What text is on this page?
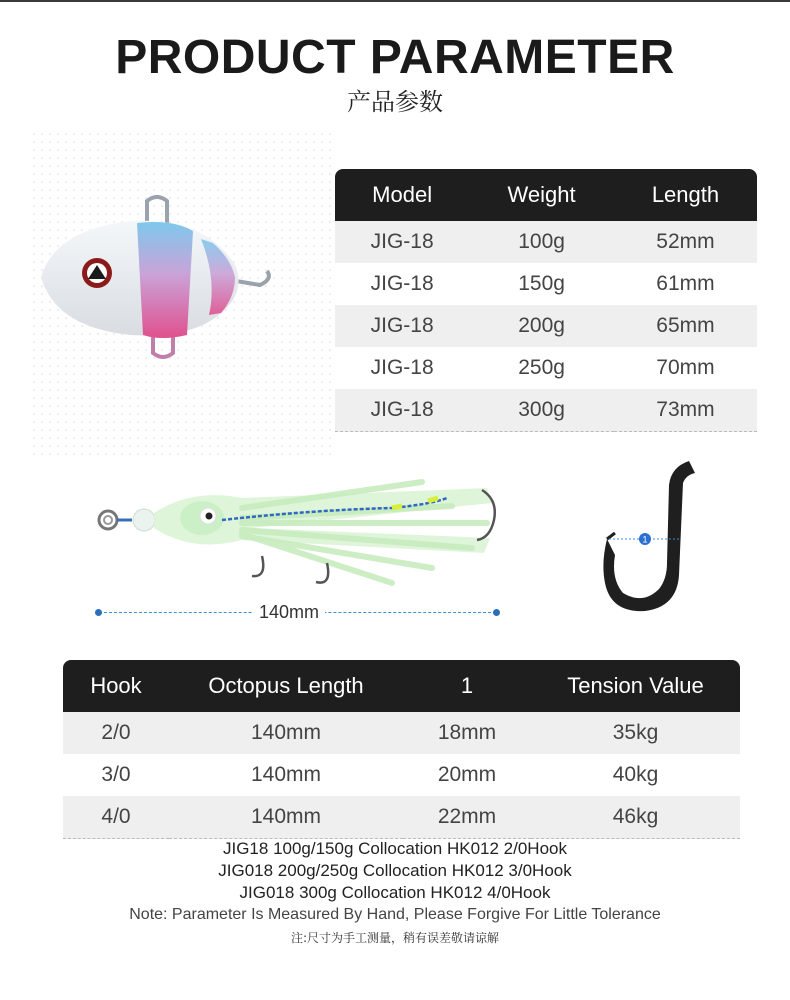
PRODUCT PARAMETER
产品参数
Model	Weight	Length
JIG-18	100g	52mm
JIG-18	150g	61mm
JIG-18	200g	65mm
JIG-18	250g	70mm
JIG-18	300g	73mm
140mm
1
Hook	Octopus Length	1	Tension Value
2/0	140mm	18mm	35kg
3/0	140mm	20mm	40kg
4/0	140mm	22mm	46kg
JIG18 100g/150g Collocation HK012 2/0Hook
JIG018 200g/250g Collocation HK012 3/0Hook
JIG018 300g Collocation HK012 4/0Hook
Note: Parameter Is Measured By Hand, Please Forgive For Little Tolerance
注:尺寸为手工测量，稍有误差敬请谅解
